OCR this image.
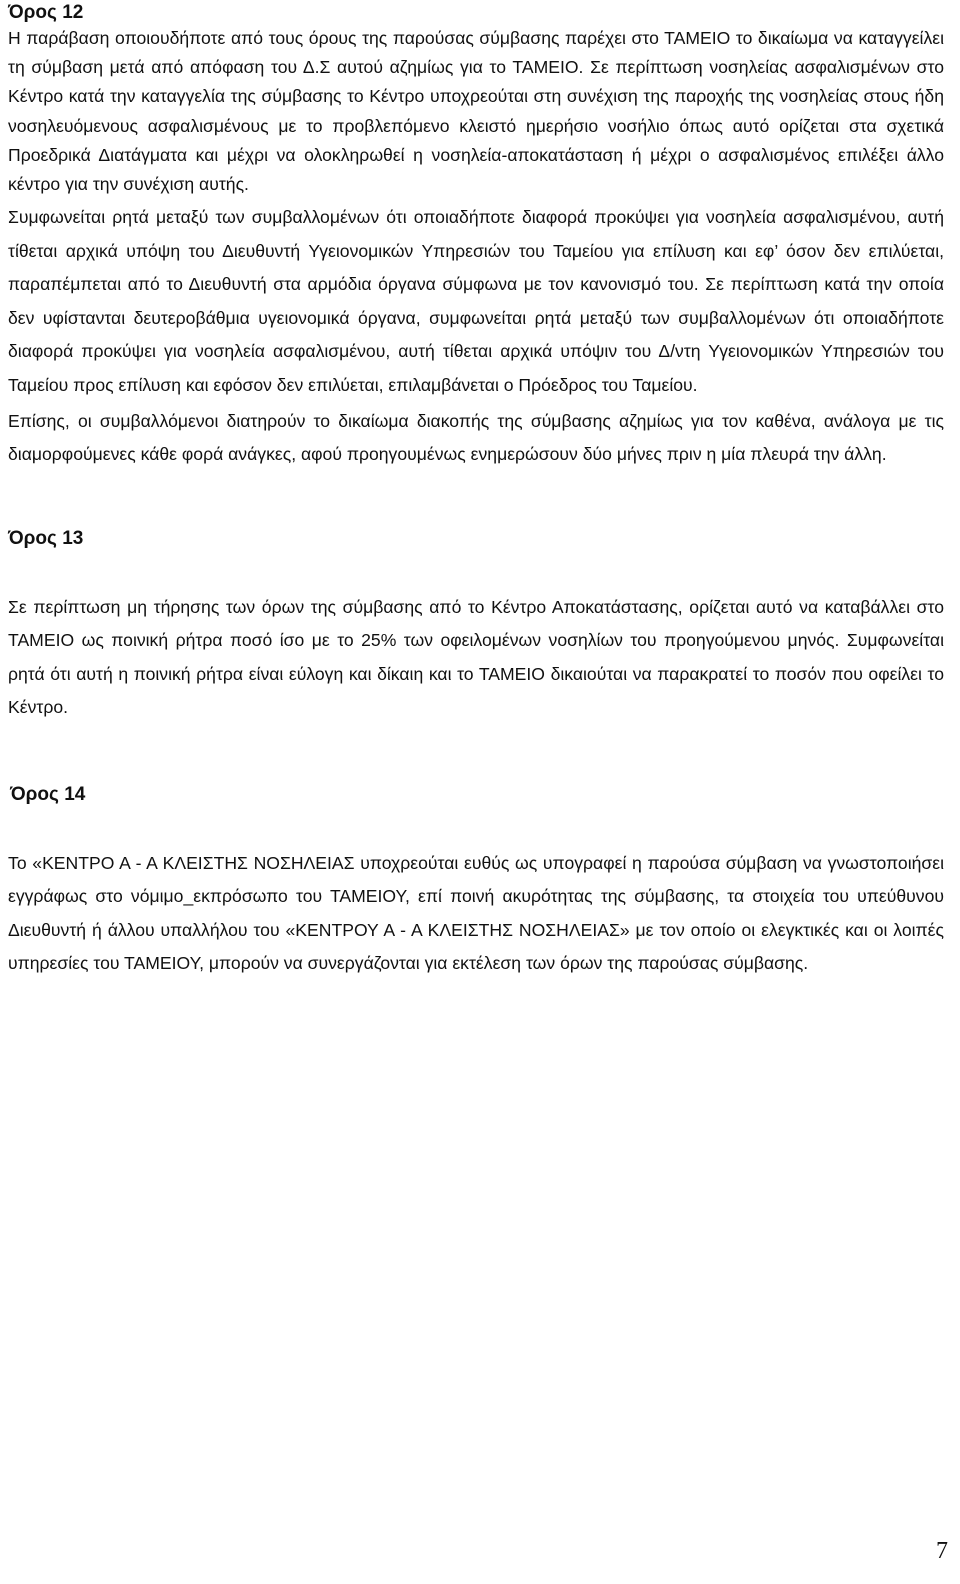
Όρος 12

Η παράβαση οποιουδήποτε από τους όρους της παρούσας σύμβασης παρέχει στο ΤΑΜΕΙΟ το δικαίωμα να καταγγείλει τη σύμβαση μετά από απόφαση του Δ.Σ αυτού αζημίως για το ΤΑΜΕΙΟ. Σε περίπτωση νοσηλείας ασφαλισμένων στο Κέντρο κατά την καταγγελία της σύμβασης το Κέντρο υποχρεούται στη συνέχιση της παροχής της νοσηλείας στους ήδη νοσηλευόμενους ασφαλισμένους με το προβλεπόμενο κλειστό ημερήσιο νοσήλιο όπως αυτό ορίζεται στα σχετικά Προεδρικά Διατάγματα και μέχρι να ολοκληρωθεί η νοσηλεία-αποκατάσταση ή μέχρι ο ασφαλισμένος επιλέξει άλλο κέντρο για την συνέχιση αυτής.

Συμφωνείται ρητά μεταξύ των συμβαλλομένων ότι οποιαδήποτε διαφορά προκύψει για νοσηλεία ασφαλισμένου, αυτή τίθεται αρχικά υπόψη του Διευθυντή Υγειονομικών Υπηρεσιών του Ταμείου για επίλυση και εφ’ όσον δεν επιλύεται, παραπέμπεται από το Διευθυντή στα αρμόδια όργανα σύμφωνα με τον κανονισμό του. Σε περίπτωση κατά την οποία δεν υφίστανται δευτεροβάθμια υγειονομικά όργανα, συμφωνείται ρητά μεταξύ των συμβαλλομένων ότι οποιαδήποτε διαφορά προκύψει για νοσηλεία ασφαλισμένου, αυτή τίθεται αρχικά υπόψιν του Δ/ντη Υγειονομικών Υπηρεσιών του Ταμείου προς επίλυση και εφόσον δεν επιλύεται, επιλαμβάνεται ο Πρόεδρος του Ταμείου.

Επίσης, οι συμβαλλόμενοι διατηρούν το δικαίωμα διακοπής της σύμβασης αζημίως για τον καθένα, ανάλογα με τις διαμορφούμενες κάθε φορά ανάγκες, αφού προηγουμένως ενημερώσουν δύο μήνες πριν η μία πλευρά την άλλη.

Όρος 13

Σε περίπτωση μη τήρησης των όρων της σύμβασης από το Κέντρο Αποκατάστασης, ορίζεται αυτό να καταβάλλει στο ΤΑΜΕΙΟ ως ποινική ρήτρα ποσό ίσο με το 25% των οφειλομένων νοσηλίων του προηγούμενου μηνός. Συμφωνείται ρητά ότι αυτή η ποινική ρήτρα είναι εύλογη και δίκαιη και το ΤΑΜΕΙΟ δικαιούται να παρακρατεί το ποσόν που οφείλει το Κέντρο.

Όρος 14

Το «ΚΕΝΤΡΟ Α - Α ΚΛΕΙΣΤΗΣ ΝΟΣΗΛΕΙΑΣ υποχρεούται ευθύς ως υπογραφεί η παρούσα σύμβαση να γνωστοποιήσει εγγράφως στο νόμιμο_εκπρόσωπο του ΤΑΜΕΙΟΥ, επί ποινή ακυρότητας της σύμβασης, τα στοιχεία του υπεύθυνου Διευθυντή ή άλλου υπαλλήλου του «ΚΕΝΤΡΟΥ Α - Α ΚΛΕΙΣΤΗΣ ΝΟΣΗΛΕΙΑΣ» με τον οποίο οι ελεγκτικές και οι λοιπές υπηρεσίες του ΤΑΜΕΙΟΥ, μπορούν να συνεργάζονται για εκτέλεση των όρων της παρούσας σύμβασης.

7
